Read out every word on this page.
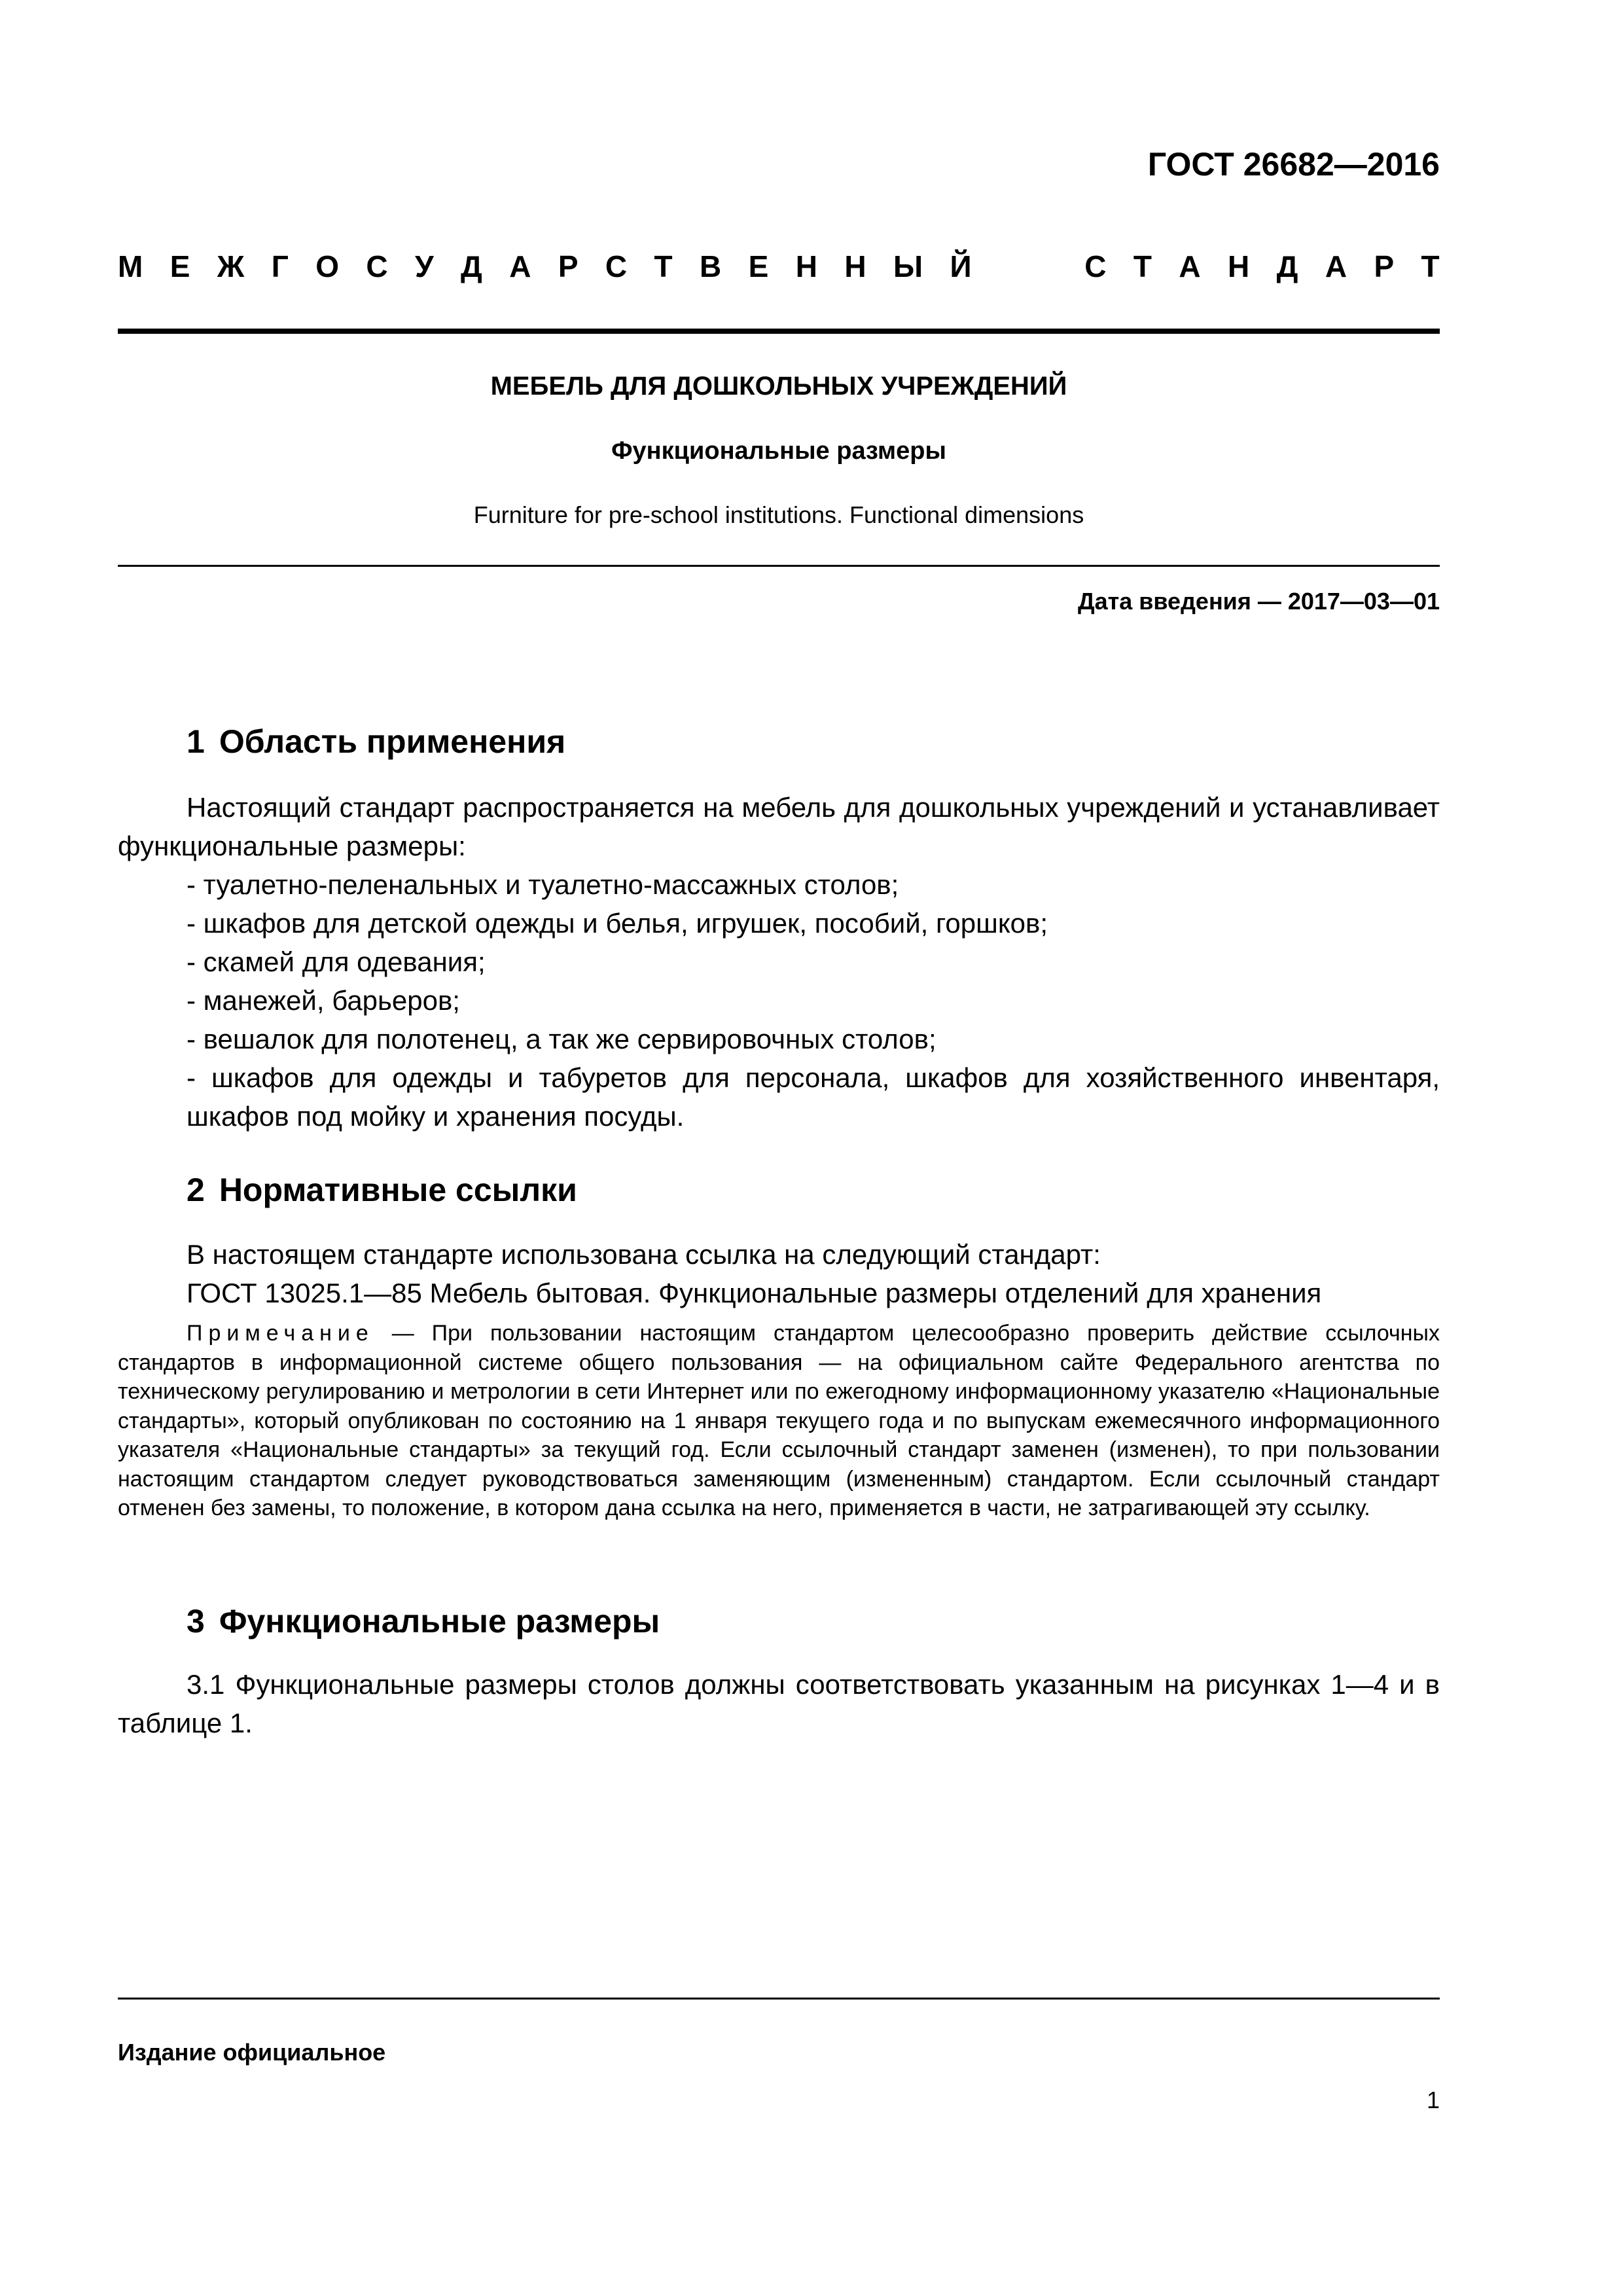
ГОСТ 26682—2016
М Е Ж Г О С У Д А Р С Т В Е Н Н Ы Й	С Т А Н Д А Р Т
МЕБЕЛЬ ДЛЯ ДОШКОЛЬНЫХ УЧРЕЖДЕНИЙ
Функциональные размеры
Furniture for pre-school institutions. Functional dimensions
Дата введения — 2017—03—01
1 Область применения
Настоящий стандарт распространяется на мебель для дошкольных учреждений и устанавливает функциональные размеры:
- туалетно-пеленальных и туалетно-массажных столов;
- шкафов для детской одежды и белья, игрушек, пособий, горшков;
- скамей для одевания;
- манежей, барьеров;
- вешалок для полотенец, а так же сервировочных столов;
- шкафов для одежды и табуретов для персонала, шкафов для хозяйственного инвентаря, шкафов под мойку и хранения посуды.
2 Нормативные ссылки
В настоящем стандарте использована ссылка на следующий стандарт:
ГОСТ 13025.1—85 Мебель бытовая. Функциональные размеры отделений для хранения
Примечание — При пользовании настоящим стандартом целесообразно проверить действие ссылочных стандартов в информационной системе общего пользования — на официальном сайте Федерального агентства по техническому регулированию и метрологии в сети Интернет или по ежегодному информационному указателю «Национальные стандарты», который опубликован по состоянию на 1 января текущего года и по выпускам ежемесячного информационного указателя «Национальные стандарты» за текущий год. Если ссылочный стандарт заменен (изменен), то при пользовании настоящим стандартом следует руководствоваться заменяющим (измененным) стандартом. Если ссылочный стандарт отменен без замены, то положение, в котором дана ссылка на него, применяется в части, не затрагивающей эту ссылку.
3 Функциональные размеры
3.1 Функциональные размеры столов должны соответствовать указанным на рисунках 1—4 и в таблице 1.
Издание официальное
1
